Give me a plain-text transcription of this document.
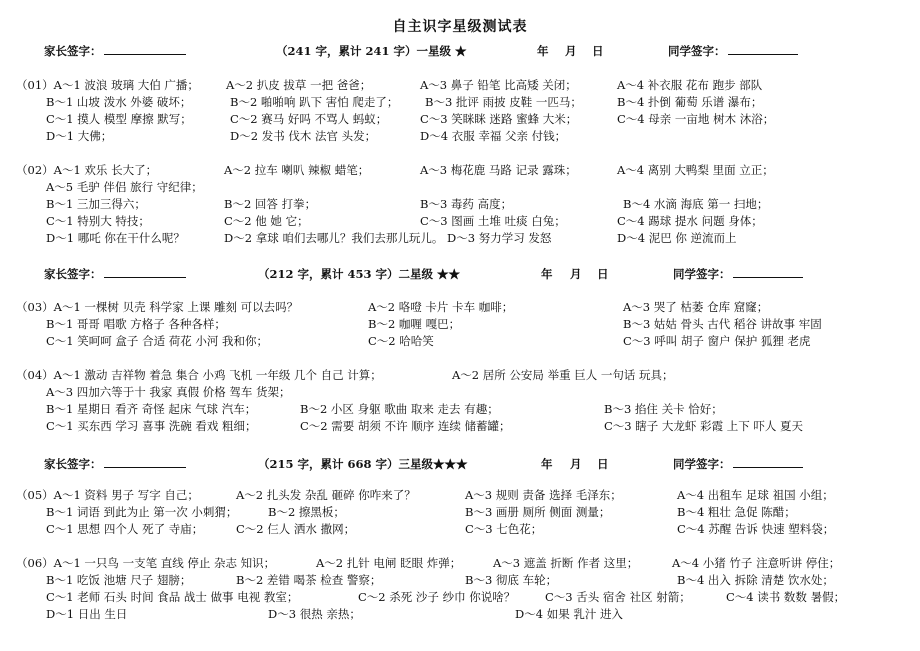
自主识字星级测试表
家长签字：	（241 字，累计 241 字）一星级 ★	年 月 日	同学签字：
家长签字：	（212 字，累计 453 字）二星级 ★★	年 月 日	同学签字：
家长签字：	（215 字，累计 668 字）三星级★★★	年 月 日	同学签字：
（01）A～1 波浪 玻璃 大伯 广播； A～2 扒皮 拔草 一把 爸爸；	A～3 鼻子 铅笔 比高矮 关闭；	A～4 补衣服 花布 跑步 部队
B～1 山坡 泼水 外婆 破坏；	B～2 啪啪响 趴下 害怕 爬走了； B～3 批评 雨披 皮鞋 一匹马；	B～4 扑倒 葡萄 乐谱 瀑布；
C～1 摸人 模型 摩擦 默写；	C～2 赛马 好吗 不骂人 蚂蚁；	C～3 笑眯眯 迷路 蜜蜂 大米；	C～4 母亲 一亩地 树木 沐浴；
D～1 大佛；	D～2 发书 伐木 法官 头发；	D～4 衣服 幸福 父亲 付钱；
（02）A～1 欢乐 长大了；	A～2 拉车 喇叭 辣椒 蜡笔；	A～3 梅花鹿 马路 记录 露珠；	A～4 离别 大鸭梨 里面 立正；
A～5 毛驴 伴侣 旅行 守纪律；
B～1 三加三得六；	B～2 回答 打拳；	B～3 毒药 高度；	B～4 水滴 海底 第一 扫地；
C～1 特别大 特技；	C～2 他 她 它；	C～3 图画 土堆 吐痰 白兔；	C～4 踢球 提水 问题 身体；
D～1 哪吒 你在干什么呢？	D～2 拿球 咱们去哪儿？我们去那儿玩儿。 D～3 努力学习 发怒	D～4 泥巴 你 逆流而上
（03）A～1 一棵树 贝壳 科学家 上课 雕刻 可以去吗？	A～2 咯噔 卡片 卡车 咖啡；	A～3 哭了 枯萎 仓库 窟窿；
B～1 哥哥 唱歌 方格子 各种各样；	B～2 咖喱 嘎巴；	B～3 姑姑 骨头 古代 稻谷 讲故事 牢固
C～1 笑呵呵 盒子 合适 荷花 小河 我和你；	C～2 哈哈笑	C～3 呼叫 胡子 窗户 保护 狐狸 老虎
（04）A～1 激动 吉祥物 着急 集合 小鸡 飞机 一年级 几个 自己 计算；	A～2 居所 公安局 举重 巨人 一句话 玩具；
A～3 四加六等于十 我家 真假 价格 驾车 货架；
B～1 星期日 看齐 奇怪 起床 气球 汽车；	B～2 小区 身躯 歌曲 取来 走去 有趣；	B～3 掐住 关卡 恰好；
C～1 买东西 学习 喜事 洗碗 看戏 粗细；	C～2 需要 胡须 不许 顺序 连续 储蓄罐；	C～3 瞎子 大龙虾 彩霞 上下 吓人 夏天
（05）A～1 资料 男子 写字 自己；	A～2 扎头发 杂乱 砸碎 你咋来了？	A～3 规则 责备 选择 毛泽东；	A～4 出租车 足球 祖国 小组；
B～1 词语 到此为止 第一次 小刺猬；	B～2 擦黑板；	B～3 画册 厕所 侧面 测量；	B～4 粗壮 急促 陈醋；
C～1 思想 四个人 死了 寺庙；	C～2 仨人 洒水 撒网；	C～3 七色花；	C～4 苏醒 告诉 快速 塑料袋；
（06）A～1 一只鸟 一支笔 直线 停止 杂志 知识；	A～2 扎针 电闸 眨眼 炸弹；	A～3 遮盖 折断 作者 这里；	A～4 小猪 竹子 注意听讲 停住；
B～1 吃饭 池塘 尺子 翅膀；	B～2 差错 喝茶 检查 警察；	B～3 彻底 车轮；	B～4 出入 拆除 清楚 饮水处；
C～1 老师 石头 时间 食品 战士 做事 电视 教室；	C～2 杀死 沙子 纱巾 你说啥？	C～3 舌头 宿舍 社区 射箭；	C～4 读书 数数 暑假；
D～1 日出 生日	D～3 很热 亲热；	D～4 如果 乳汁 进入
